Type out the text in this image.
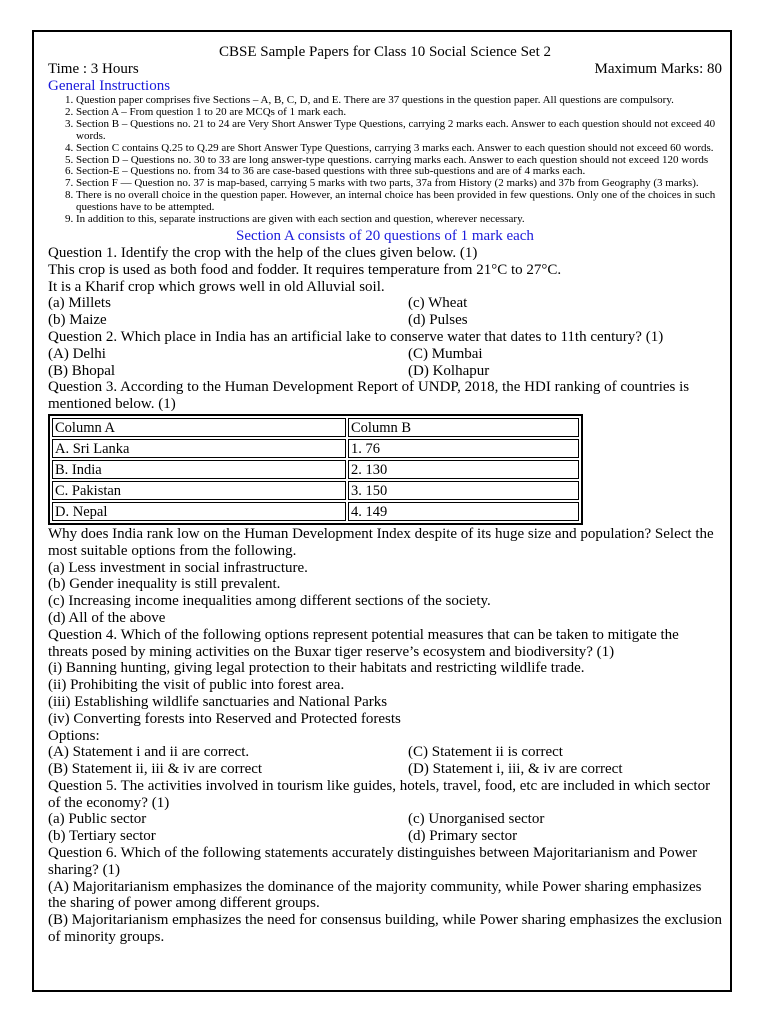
CBSE Sample Papers for Class 10 Social Science Set 2
Time : 3 Hours	Maximum Marks: 80
General Instructions
1. Question paper comprises five Sections – A, B, C, D, and E. There are 37 questions in the question paper. All questions are compulsory.
2. Section A – From question 1 to 20 are MCQs of 1 mark each.
3. Section B – Questions no. 21 to 24 are Very Short Answer Type Questions, carrying 2 marks each. Answer to each question should not exceed 40 words.
4. Section C contains Q.25 to Q.29 are Short Answer Type Questions, carrying 3 marks each. Answer to each question should not exceed 60 words.
5. Section D – Questions no. 30 to 33 are long answer-type questions. carrying marks each. Answer to each question should not exceed 120 words
6. Section-E – Questions no. from 34 to 36 are case-based questions with three sub-questions and are of 4 marks each.
7. Section F — Question no. 37 is map-based, carrying 5 marks with two parts, 37a from History (2 marks) and 37b from Geography (3 marks).
8. There is no overall choice in the question paper. However, an internal choice has been provided in few questions. Only one of the choices in such questions have to be attempted.
9. In addition to this, separate instructions are given with each section and question, wherever necessary.
Section A consists of 20 questions of 1 mark each
Question 1. Identify the crop with the help of the clues given below. (1)
This crop is used as both food and fodder. It requires temperature from 21°C to 27°C.
It is a Kharif crop which grows well in old Alluvial soil.
(a) Millets	(c) Wheat
(b) Maize	(d) Pulses
Question 2. Which place in India has an artificial lake to conserve water that dates to 11th century? (1)
(A) Delhi	(C) Mumbai
(B) Bhopal	(D) Kolhapur
Question 3. According to the Human Development Report of UNDP, 2018, the HDI ranking of countries is mentioned below. (1)
Column A	Column B
A. Sri Lanka	1. 76
B. India	2. 130
C. Pakistan	3. 150
D. Nepal	4. 149
Why does India rank low on the Human Development Index despite of its huge size and population? Select the most suitable options from the following.
(a) Less investment in social infrastructure.
(b) Gender inequality is still prevalent.
(c) Increasing income inequalities among different sections of the society.
(d) All of the above
Question 4. Which of the following options represent potential measures that can be taken to mitigate the threats posed by mining activities on the Buxar tiger reserve’s ecosystem and biodiversity? (1)
(i) Banning hunting, giving legal protection to their habitats and restricting wildlife trade.
(ii) Prohibiting the visit of public into forest area.
(iii) Establishing wildlife sanctuaries and National Parks
(iv) Converting forests into Reserved and Protected forests
Options:
(A) Statement i and ii are correct.	(C) Statement ii is correct
(B) Statement ii, iii & iv are correct	(D) Statement i, iii, & iv are correct
Question 5. The activities involved in tourism like guides, hotels, travel, food, etc are included in which sector of the economy? (1)
(a) Public sector	(c) Unorganised sector
(b) Tertiary sector	(d) Primary sector
Question 6. Which of the following statements accurately distinguishes between Majoritarianism and Power sharing? (1)
(A) Majoritarianism emphasizes the dominance of the majority community, while Power sharing emphasizes the sharing of power among different groups.
(B) Majoritarianism emphasizes the need for consensus building, while Power sharing emphasizes the exclusion of minority groups.
